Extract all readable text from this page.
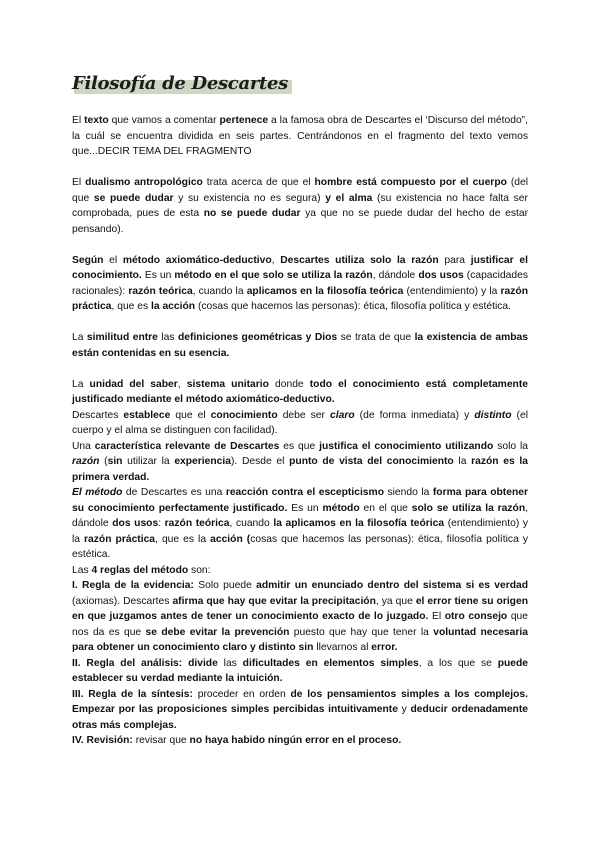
Filosofía de Descartes

El texto que vamos a comentar pertenece a la famosa obra de Descartes el ‘Discurso del método”, la cuál se encuentra dividida en seis partes. Centrándonos en el fragmento del texto vemos que...DECIR TEMA DEL FRAGMENTO

El dualismo antropológico trata acerca de que el hombre está compuesto por el cuerpo (del que se puede dudar y su existencia no es segura) y el alma (su existencia no hace falta ser comprobada, pues de esta no se puede dudar ya que no se puede dudar del hecho de estar pensando).

Según el método axiomático-deductivo, Descartes utiliza solo la razón para justificar el conocimiento. Es un método en el que solo se utiliza la razón, dándole dos usos (capacidades racionales): razón teórica, cuando la aplicamos en la filosofía teórica (entendimiento) y la razón práctica, que es la acción (cosas que hacemos las personas): ética, filosofía política y estética.

La similitud entre las definiciones geométricas y Dios se trata de que la existencia de ambas están contenidas en su esencia.

La unidad del saber, sistema unitario donde todo el conocimiento está completamente justificado mediante el método axiomático-deductivo.

Descartes establece que el conocimiento debe ser claro (de forma inmediata) y distinto (el cuerpo y el alma se distinguen con facilidad).

Una característica relevante de Descartes es que justifica el conocimiento utilizando solo la razón (sin utilizar la experiencia). Desde el punto de vista del conocimiento la razón es la primera verdad.

El método de Descartes es una reacción contra el escepticismo siendo la forma para obtener su conocimiento perfectamente justificado. Es un método en el que solo se utiliza la razón, dándole dos usos: razón teórica, cuando la aplicamos en la filosofía teórica (entendimiento) y la razón práctica, que es la acción (cosas que hacemos las personas): ética, filosofía política y estética.

Las 4 reglas del método son:

I. Regla de la evidencia: Solo puede admitir un enunciado dentro del sistema si es verdad (axiomas). Descartes afirma que hay que evitar la precipitación, ya que el error tiene su origen en que juzgamos antes de tener un conocimiento exacto de lo juzgado. El otro consejo que nos da es que se debe evitar la prevención puesto que hay que tener la voluntad necesaria para obtener un conocimiento claro y distinto sin llevarnos al error.

II. Regla del análisis: divide las dificultades en elementos simples, a los que se puede establecer su verdad mediante la intuición.

III. Regla de la síntesis: proceder en orden de los pensamientos simples a los complejos. Empezar por las proposiciones simples percibidas intuitivamente y deducir ordenadamente otras más complejas.

IV. Revisión: revisar que no haya habido ningún error en el proceso.
